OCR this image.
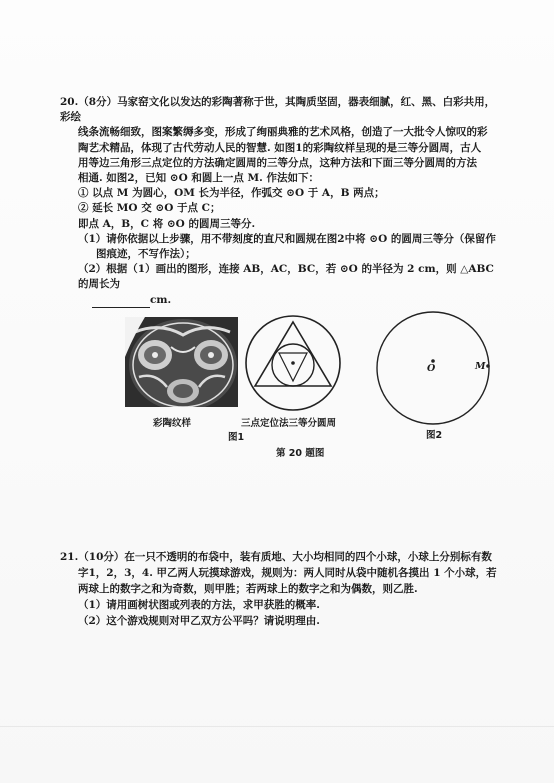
20.（8分）马家窑文化以发达的彩陶著称于世，其陶质坚固，器表细腻，红、黑、白彩共用，彩绘

线条流畅细致，图案繁缛多变，形成了绚丽典雅的艺术风格，创造了一大批令人惊叹的彩

陶艺术精品，体现了古代劳动人民的智慧. 如图1的彩陶纹样呈现的是三等分圆周，古人

用等边三角形三点定位的方法确定圆周的三等分点，这种方法和下面三等分圆周的方法

相通. 如图2，已知 ⊙O 和圆上一点 M. 作法如下：

① 以点 M 为圆心，OM 长为半径，作弧交 ⊙O 于 A，B 两点；

② 延长 MO 交 ⊙O 于点 C；

即点 A，B，C 将 ⊙O 的圆周三等分.

（1）请你依据以上步骤，用不带刻度的直尺和圆规在图2中将 ⊙O 的圆周三等分（保留作

图痕迹，不写作法）；

（2）根据（1）画出的图形，连接 AB，AC，BC，若 ⊙O 的半径为 2 cm，则 △ABC 的周长为

cm.

O	M
彩陶纹样	三点定位法三等分圆周
图1	图2
第 20 题图

21.（10分）在一只不透明的布袋中，装有质地、大小均相同的四个小球，小球上分别标有数

字1，2，3，4. 甲乙两人玩摸球游戏，规则为：两人同时从袋中随机各摸出 1 个小球，若

两球上的数字之和为奇数，则甲胜；若两球上的数字之和为偶数，则乙胜.

（1）请用画树状图或列表的方法，求甲获胜的概率.

（2）这个游戏规则对甲乙双方公平吗？请说明理由.
